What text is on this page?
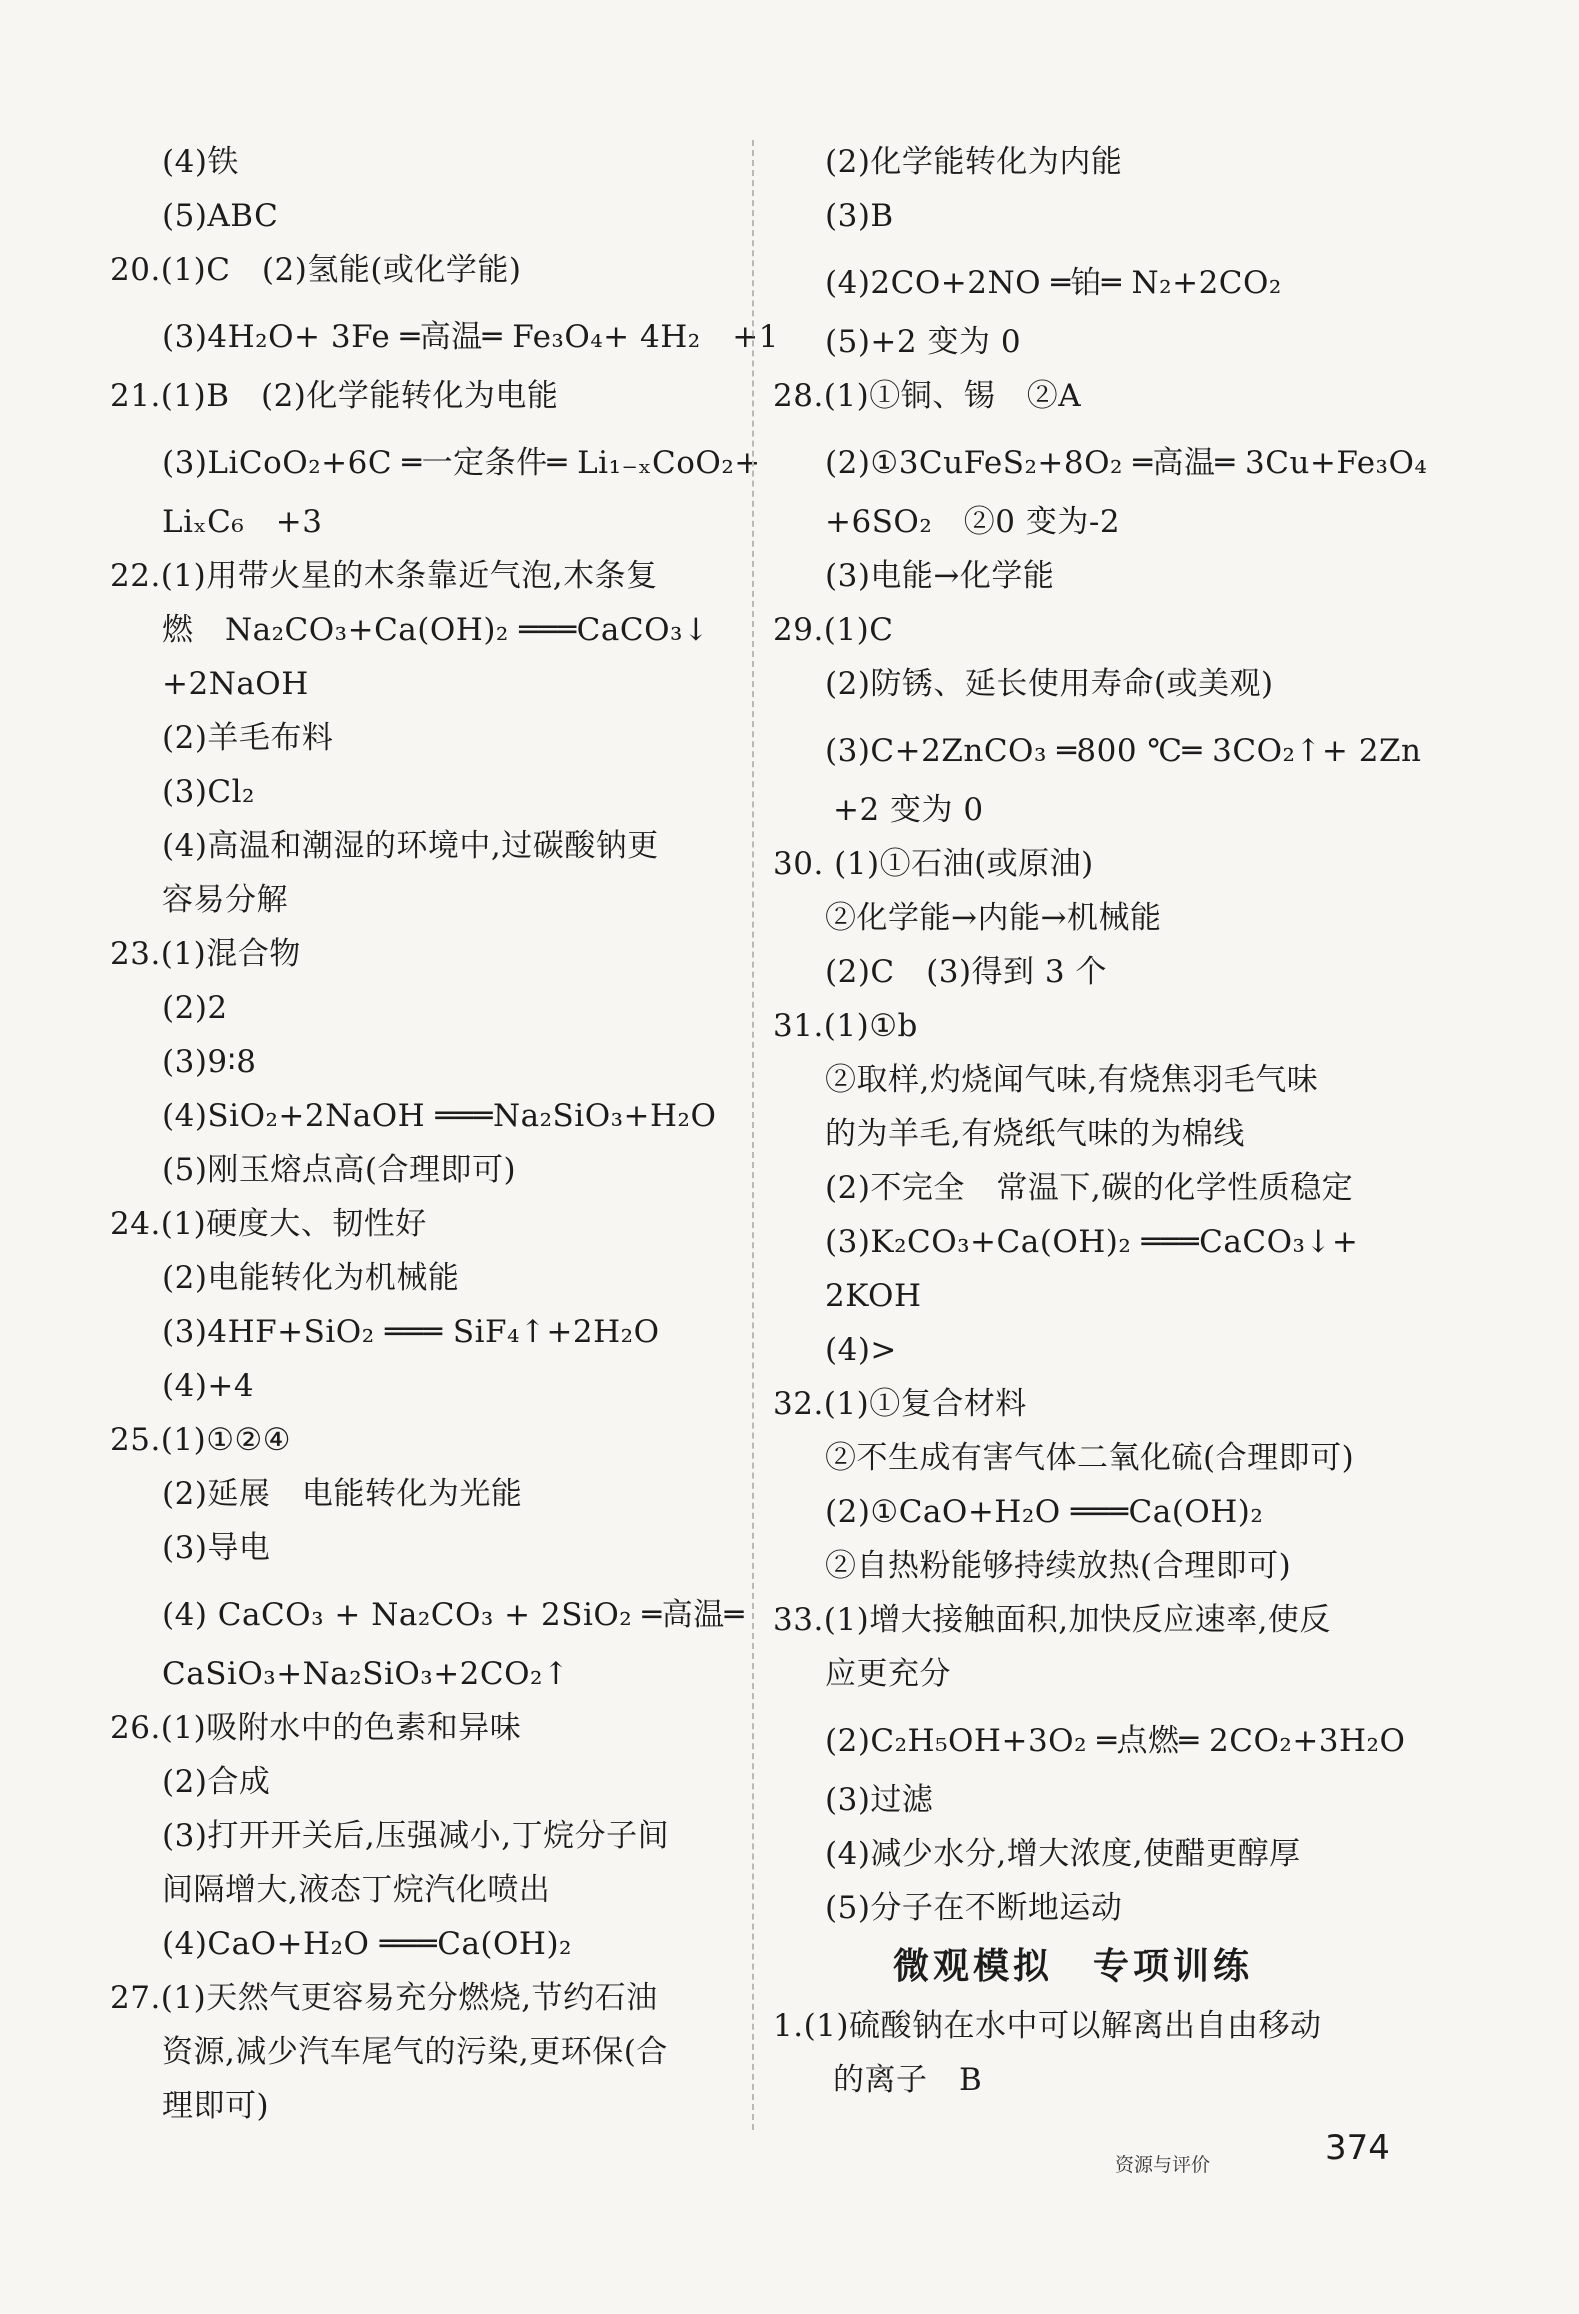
(4)铁
(5)ABC
20.(1)C　(2)氢能(或化学能)
(3)4H₂O+ 3Fe ═高温═ Fe₃O₄+ 4H₂　+1
21.(1)B　(2)化学能转化为电能
(3)LiCoO₂+6C ═一定条件═ Li₁₋ₓCoO₂+
LiₓC₆　+3
22.(1)用带火星的木条靠近气泡,木条复
燃　Na₂CO₃+Ca(OH)₂ ═══CaCO₃↓
+2NaOH
(2)羊毛布料
(3)Cl₂
(4)高温和潮湿的环境中,过碳酸钠更
容易分解
23.(1)混合物
(2)2
(3)9∶8
(4)SiO₂+2NaOH ═══Na₂SiO₃+H₂O
(5)刚玉熔点高(合理即可)
24.(1)硬度大、韧性好
(2)电能转化为机械能
(3)4HF+SiO₂ ═══ SiF₄↑+2H₂O
(4)+4
25.(1)①②④
(2)延展　电能转化为光能
(3)导电
(4) CaCO₃ + Na₂CO₃ + 2SiO₂ ═高温═
CaSiO₃+Na₂SiO₃+2CO₂↑
26.(1)吸附水中的色素和异味
(2)合成
(3)打开开关后,压强减小,丁烷分子间
间隔增大,液态丁烷汽化喷出
(4)CaO+H₂O ═══Ca(OH)₂
27.(1)天然气更容易充分燃烧,节约石油
资源,减少汽车尾气的污染,更环保(合
理即可)
(2)化学能转化为内能
(3)B
(4)2CO+2NO ═铂═ N₂+2CO₂
(5)+2 变为 0
28.(1)①铜、锡　②A
(2)①3CuFeS₂+8O₂ ═高温═ 3Cu+Fe₃O₄
+6SO₂　②0 变为-2
(3)电能→化学能
29.(1)C
(2)防锈、延长使用寿命(或美观)
(3)C+2ZnCO₃ ═800 ℃═ 3CO₂↑+ 2Zn
+2 变为 0
30. (1)①石油(或原油)
②化学能→内能→机械能
(2)C　(3)得到 3 个
31.(1)①b
②取样,灼烧闻气味,有烧焦羽毛气味
的为羊毛,有烧纸气味的为棉线
(2)不完全　常温下,碳的化学性质稳定
(3)K₂CO₃+Ca(OH)₂ ═══CaCO₃↓+
2KOH
(4)>
32.(1)①复合材料
②不生成有害气体二氧化硫(合理即可)
(2)①CaO+H₂O ═══Ca(OH)₂
②自热粉能够持续放热(合理即可)
33.(1)增大接触面积,加快反应速率,使反
应更充分
(2)C₂H₅OH+3O₂ ═点燃═ 2CO₂+3H₂O
(3)过滤
(4)减少水分,增大浓度,使醋更醇厚
(5)分子在不断地运动
微观模拟　专项训练
1.(1)硫酸钠在水中可以解离出自由移动
的离子　B
资源与评价	374
